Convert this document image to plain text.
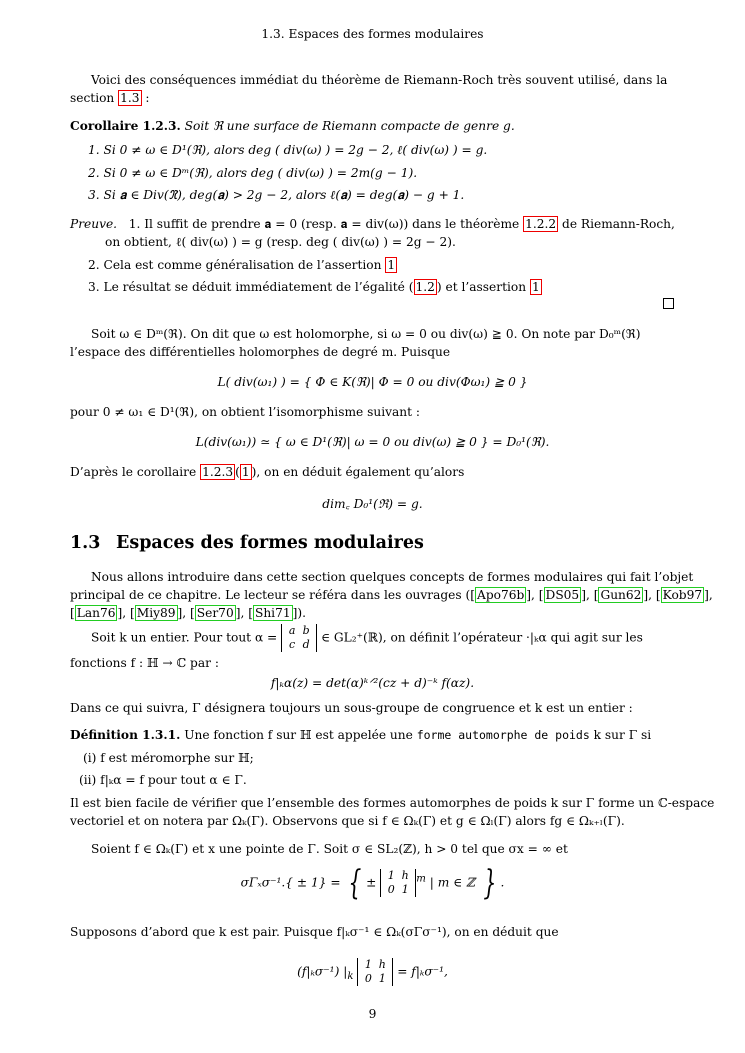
1.3. Espaces des formes modulaires
Voici des conséquences immédiat du théorème de Riemann-Roch très souvent utilisé, dans la
section 1.3 :
Corollaire 1.2.3. Soit ℜ une surface de Riemann compacte de genre g.
1. Si 0 ≠ ω ∈ D¹(ℜ), alors deg ( div(ω) ) = 2g − 2, ℓ( div(ω) ) = g.
2. Si 0 ≠ ω ∈ Dᵐ(ℜ), alors deg ( div(ω) ) = 2m(g − 1).
3. Si 𝐚 ∈ Div(ℜ), deg(𝐚) > 2g − 2, alors ℓ(𝐚) = deg(𝐚) − g + 1.
Preuve. 1. Il suffit de prendre 𝐚 = 0 (resp. 𝐚 = div(ω)) dans le théorème 1.2.2 de Riemann-Roch,
on obtient, ℓ( div(ω) ) = g (resp. deg ( div(ω) ) = 2g − 2).
2. Cela est comme généralisation de l’assertion 1
3. Le résultat se déduit immédiatement de l’égalité ( 1.2 ) et l’assertion 1
Soit ω ∈ Dᵐ(ℜ). On dit que ω est holomorphe, si ω = 0 ou div(ω) ≧ 0. On note par D₀ᵐ(ℜ)
l’espace des différentielles holomorphes de degré m. Puisque
L( div(ω₁) ) = { Φ ∈ K(ℜ)| Φ = 0 ou div(Φω₁) ≧ 0 }
pour 0 ≠ ω₁ ∈ D¹(ℜ), on obtient l’isomorphisme suivant :
L(div(ω₁)) ≃ { ω ∈ D¹(ℜ)| ω = 0 ou div(ω) ≧ 0 } = D₀¹(ℜ).
D’après le corollaire 1.2.3 ( 1 ), on en déduit également qu’alors
dim꜀ D₀¹(ℜ) = g.
1.3 Espaces des formes modulaires
Nous allons introduire dans cette section quelques concepts de formes modulaires qui fait l’objet
principal de ce chapitre. Le lecteur se référa dans les ouvrages ([ Apo76b ], [ DS05 ], [ Gun62 ], [ Kob97 ],
[ Lan76 ], [ Miy89 ], [ Ser70 ], [ Shi71 ]).
Soit k un entier. Pour tout α = a b
c d ∈ GL₂⁺(ℝ), on définit l’opérateur ·|ₖα qui agit sur les
fonctions f : ℍ → ℂ par :
f|ₖα(z) = det(α)ᵏᐟ²(cz + d)⁻ᵏ f(αz).
Dans ce qui suivra, Γ désignera toujours un sous-groupe de congruence et k est un entier :
Définition 1.3.1. Une fonction f sur ℍ est appelée une forme automorphe de poids k sur Γ si
(i) f est méromorphe sur ℍ;
(ii) f|ₖα = f pour tout α ∈ Γ.
Il est bien facile de vérifier que l’ensemble des formes automorphes de poids k sur Γ forme un ℂ-espace
vectoriel et on notera par Ωₖ(Γ). Observons que si f ∈ Ωₖ(Γ) et g ∈ Ωₗ(Γ) alors fg ∈ Ωₖ₊ₗ(Γ).
Soient f ∈ Ωₖ(Γ) et x une pointe de Γ. Soit σ ∈ SL₂(ℤ), h > 0 tel que σx = ∞ et
σΓₓσ⁻¹.{ ± 1} = { ± 1 h
0 1$^m$ | m ∈ ℤ } .
Supposons d’abord que k est pair. Puisque f|ₖσ⁻¹ ∈ Ωₖ(σΓσ⁻¹), on en déduit que
(f|ₖσ⁻¹) $|_k$ 1 h
0 1 = f|ₖσ⁻¹,
9
